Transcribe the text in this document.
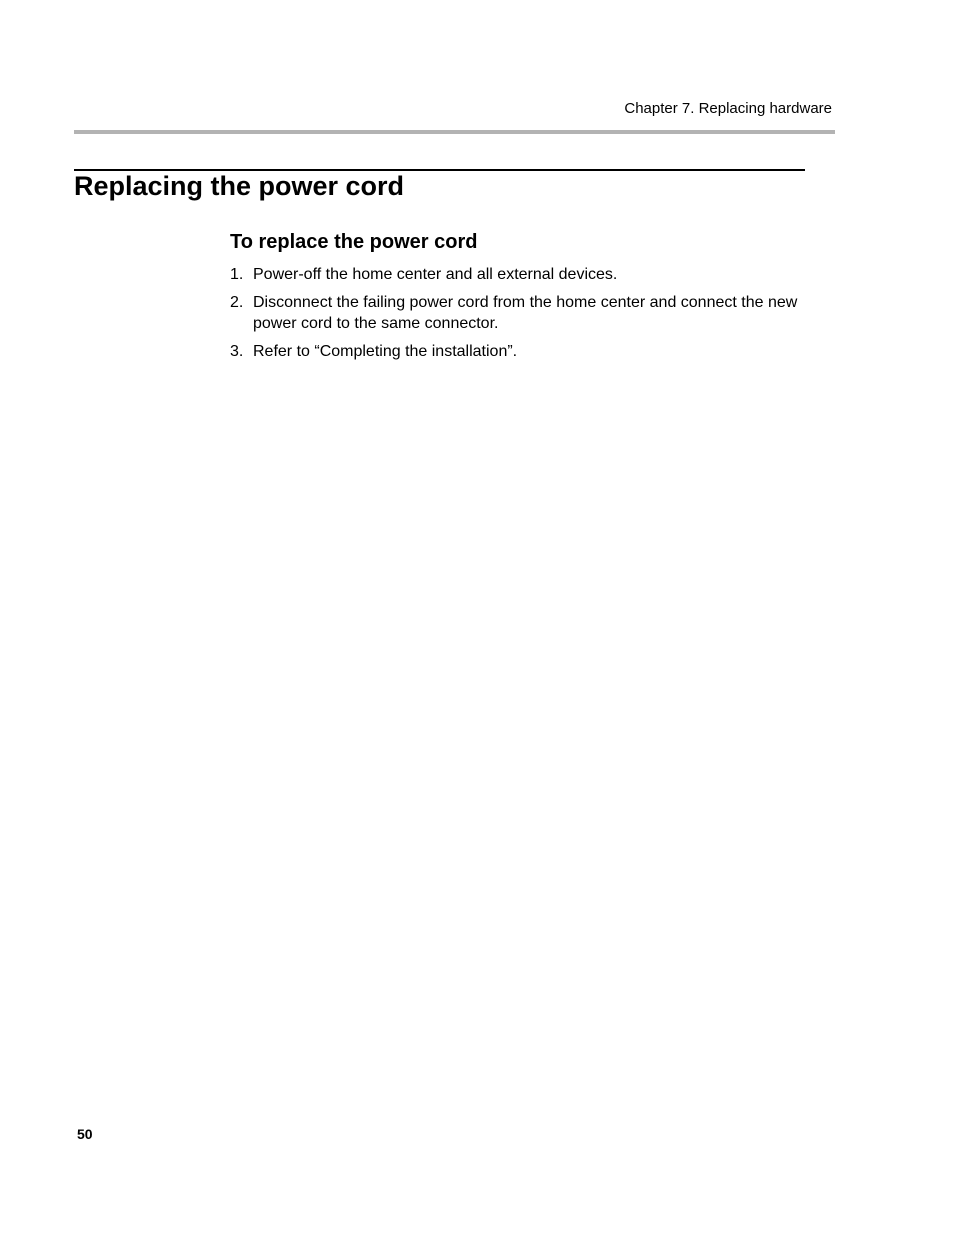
Chapter 7. Replacing hardware
Replacing the power cord
To replace the power cord
1. Power-off the home center and all external devices.
2. Disconnect the failing power cord from the home center and connect the new power cord to the same connector.
3. Refer to “Completing the installation”.
50
